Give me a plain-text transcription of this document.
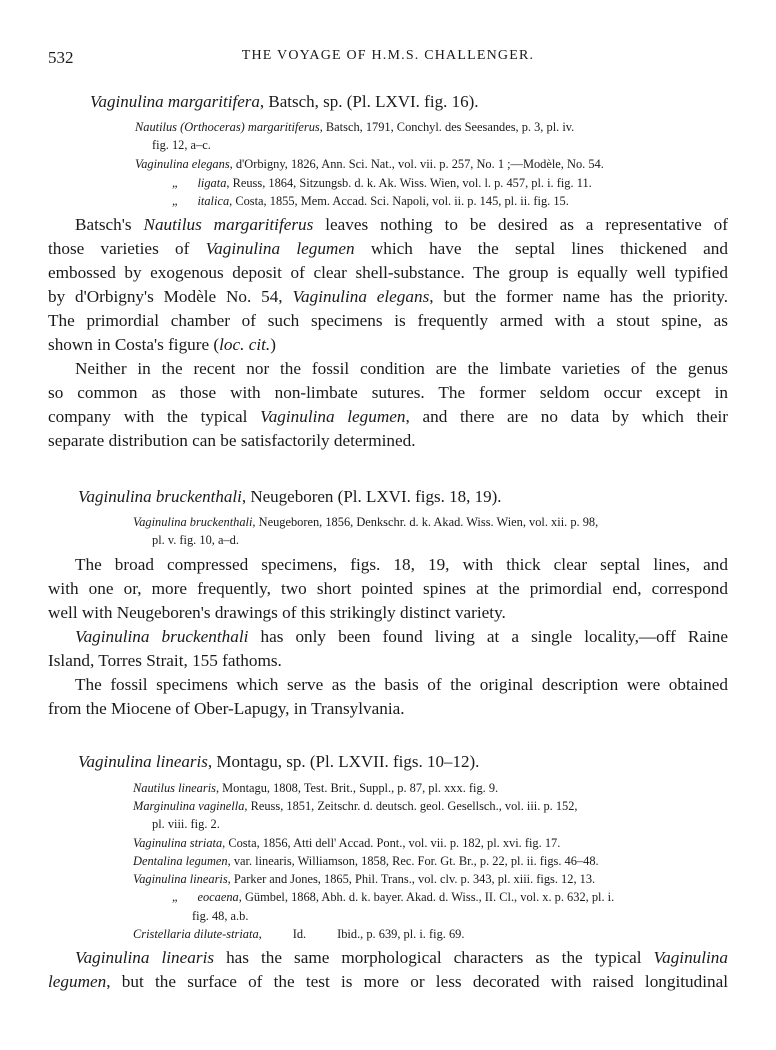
532	THE VOYAGE OF H.M.S. CHALLENGER.
Vaginulina margaritifera, Batsch, sp. (Pl. LXVI. fig. 16).
Nautilus (Orthoceras) margaritiferus, Batsch, 1791, Conchyl. des Seesandes, p. 3, pl. iv.
fig. 12, a–c.
Vaginulina elegans, d'Orbigny, 1826, Ann. Sci. Nat., vol. vii. p. 257, No. 1 ;—Modèle, No. 54.
„      ligata, Reuss, 1864, Sitzungsb. d. k. Ak. Wiss. Wien, vol. l. p. 457, pl. i. fig. 11.
„      italica, Costa, 1855, Mem. Accad. Sci. Napoli, vol. ii. p. 145, pl. ii. fig. 15.
Batsch's Nautilus margaritiferus leaves nothing to be desired as a representative of
those varieties of Vaginulina legumen which have the septal lines thickened and
embossed by exogenous deposit of clear shell-substance. The group is equally well typified
by d'Orbigny's Modèle No. 54, Vaginulina elegans, but the former name has the priority.
The primordial chamber of such specimens is frequently armed with a stout spine, as
shown in Costa's figure (loc. cit.)
Neither in the recent nor the fossil condition are the limbate varieties of the genus
so common as those with non-limbate sutures. The former seldom occur except in
company with the typical Vaginulina legumen, and there are no data by which their
separate distribution can be satisfactorily determined.
Vaginulina bruckenthali, Neugeboren (Pl. LXVI. figs. 18, 19).
Vaginulina bruckenthali, Neugeboren, 1856, Denkschr. d. k. Akad. Wiss. Wien, vol. xii. p. 98,
pl. v. fig. 10, a–d.
The broad compressed specimens, figs. 18, 19, with thick clear septal lines, and
with one or, more frequently, two short pointed spines at the primordial end, correspond
well with Neugeboren's drawings of this strikingly distinct variety.
Vaginulina bruckenthali has only been found living at a single locality,—off Raine
Island, Torres Strait, 155 fathoms.
The fossil specimens which serve as the basis of the original description were obtained
from the Miocene of Ober-Lapugy, in Transylvania.
Vaginulina linearis, Montagu, sp. (Pl. LXVII. figs. 10–12).
Nautilus linearis, Montagu, 1808, Test. Brit., Suppl., p. 87, pl. xxx. fig. 9.
Marginulina vaginella, Reuss, 1851, Zeitschr. d. deutsch. geol. Gesellsch., vol. iii. p. 152,
pl. viii. fig. 2.
Vaginulina striata, Costa, 1856, Atti dell' Accad. Pont., vol. vii. p. 182, pl. xvi. fig. 17.
Dentalina legumen, var. linearis, Williamson, 1858, Rec. For. Gt. Br., p. 22, pl. ii. figs. 46–48.
Vaginulina linearis, Parker and Jones, 1865, Phil. Trans., vol. clv. p. 343, pl. xiii. figs. 12, 13.
„      eocaena, Gümbel, 1868, Abh. d. k. bayer. Akad. d. Wiss., II. Cl., vol. x. p. 632, pl. i.
fig. 48, a.b.
Cristellaria dilute-striata,          Id.          Ibid., p. 639, pl. i. fig. 69.
Vaginulina linearis has the same morphological characters as the typical Vaginulina
legumen, but the surface of the test is more or less decorated with raised longitudinal
